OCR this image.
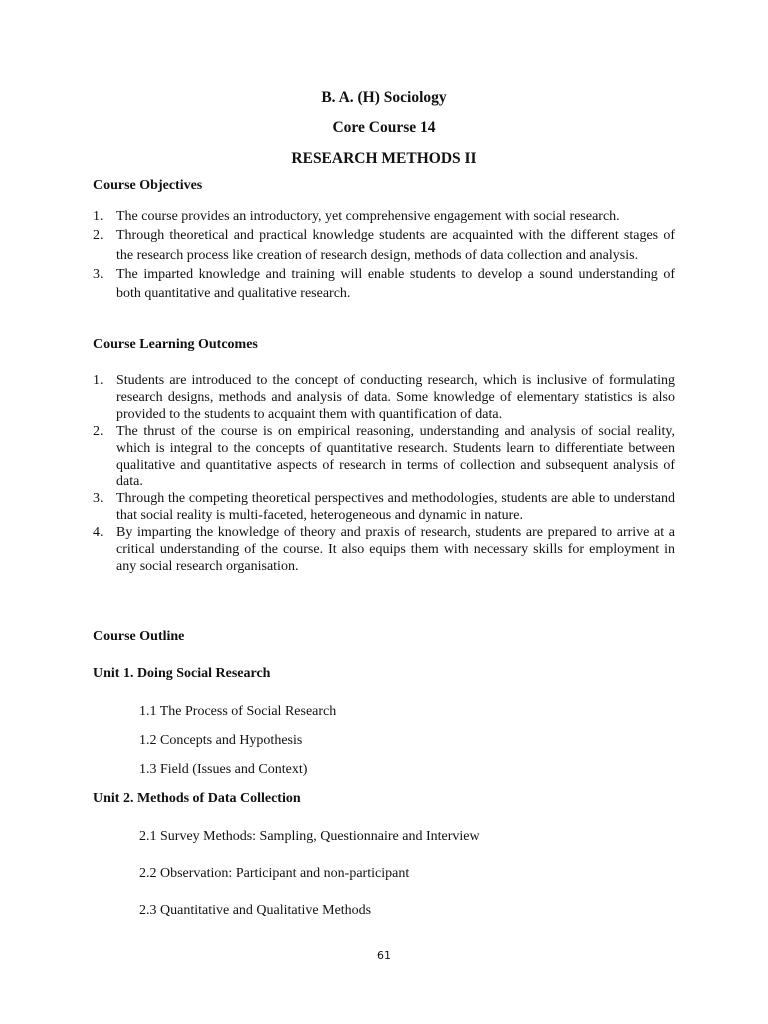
B. A. (H) Sociology
Core Course 14
RESEARCH METHODS II
Course Objectives
1. The course provides an introductory, yet comprehensive engagement with social research.
2. Through theoretical and practical knowledge students are acquainted with the different stages of the research process like creation of research design, methods of data collection and analysis.
3. The imparted knowledge and training will enable students to develop a sound understanding of both quantitative and qualitative research.
Course Learning Outcomes
1. Students are introduced to the concept of conducting research, which is inclusive of formulating research designs, methods and analysis of data. Some knowledge of elementary statistics is also provided to the students to acquaint them with quantification of data.
2. The thrust of the course is on empirical reasoning, understanding and analysis of social reality, which is integral to the concepts of quantitative research. Students learn to differentiate between qualitative and quantitative aspects of research in terms of collection and subsequent analysis of data.
3. Through the competing theoretical perspectives and methodologies, students are able to understand that social reality is multi-faceted, heterogeneous and dynamic in nature.
4. By imparting the knowledge of theory and praxis of research, students are prepared to arrive at a critical understanding of the course. It also equips them with necessary skills for employment in any social research organisation.
Course Outline
Unit 1. Doing Social Research
1.1 The Process of Social Research
1.2 Concepts and Hypothesis
1.3 Field (Issues and Context)
Unit 2. Methods of Data Collection
2.1 Survey Methods: Sampling, Questionnaire and Interview
2.2 Observation: Participant and non-participant
2.3 Quantitative and Qualitative Methods
61
